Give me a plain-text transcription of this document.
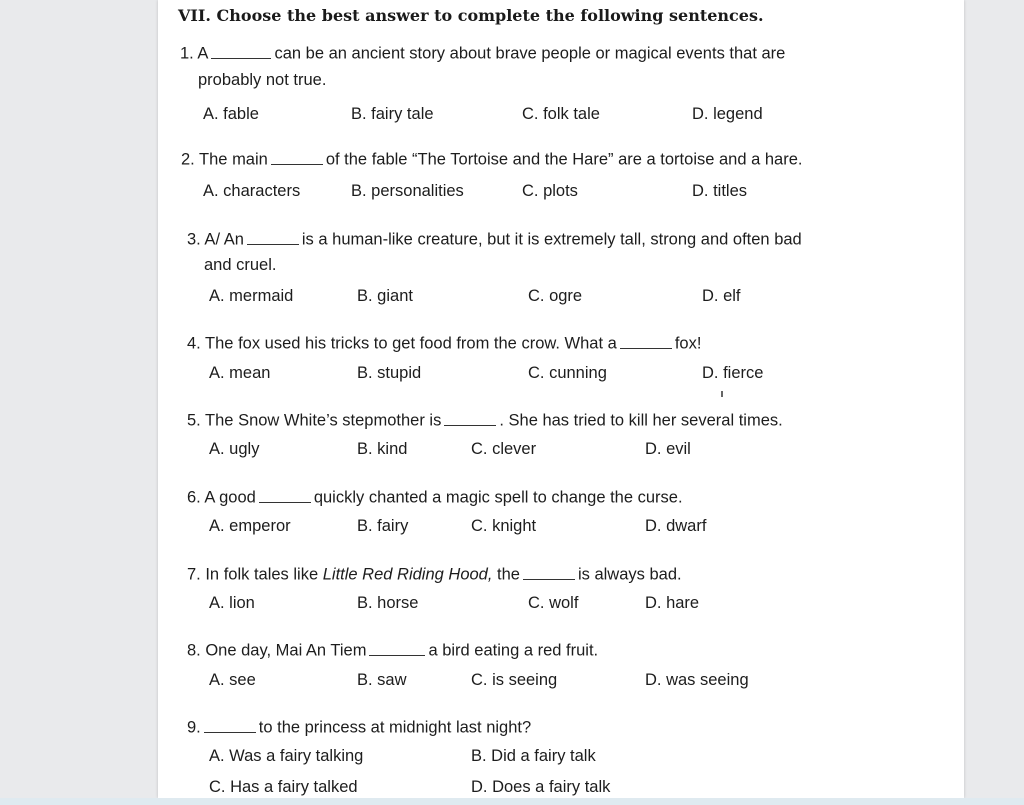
VII. Choose the best answer to complete the following sentences.
1. A	can be an ancient story about brave people or magical events that are
probably not true.
A. fable	B. fairy tale	C. folk tale	D. legend
2. The main	of the fable “The Tortoise and the Hare” are a tortoise and a hare.
A. characters	B. personalities	C. plots	D. titles
3. A/ An	is a human-like creature, but it is extremely tall, strong and often bad
and cruel.
A. mermaid	B. giant	C. ogre	D. elf
4. The fox used his tricks to get food from the crow. What a	fox!
A. mean	B. stupid	C. cunning	D. fierce
5. The Snow White’s stepmother is	. She has tried to kill her several times.
A. ugly	B. kind	C. clever	D. evil
6. A good	quickly chanted a magic spell to change the curse.
A. emperor	B. fairy	C. knight	D. dwarf
7. In folk tales like Little Red Riding Hood, the	is always bad.
A. lion	B. horse	C. wolf	D. hare
8. One day, Mai An Tiem	a bird eating a red fruit.
A. see	B. saw	C. is seeing	D. was seeing
9.	to the princess at midnight last night?
A. Was a fairy talking	B. Did a fairy talk
C. Has a fairy talked	D. Does a fairy talk
